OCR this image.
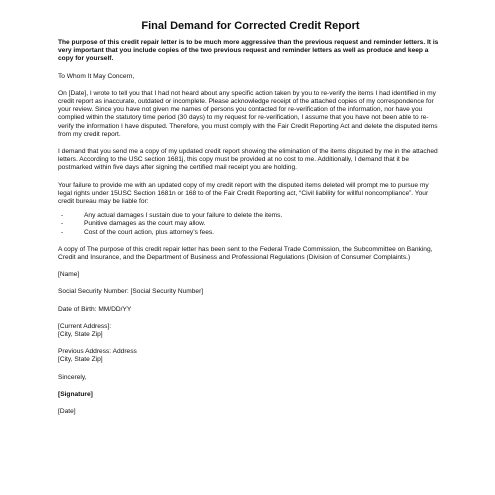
Final Demand for Corrected Credit Report

The purpose of this credit repair letter is to be much more aggressive than the previous request and reminder letters. It is very important that you include copies of the two previous request and reminder letters as well as produce and keep a copy for yourself.

To Whom It May Concern,

On [Date], I wrote to tell you that I had not heard about any specific action taken by you to re-verify the items I had identified in my credit report as inaccurate, outdated or incomplete. Please acknowledge receipt of the attached copies of my correspondence for your review. Since you have not given me names of persons you contacted for re-verification of the information, nor have you complied within the statutory time period (30 days) to my request for re-verification, I assume that you have not been able to re-verify the information I have disputed. Therefore, you must comply with the Fair Credit Reporting Act and delete the disputed items from my credit report.

I demand that you send me a copy of my updated credit report showing the elimination of the items disputed by me in the attached letters. According to the USC section 1681j, this copy must be provided at no cost to me. Additionally, I demand that it be postmarked within five days after signing the certified mail receipt you are holding.

Your failure to provide me with an updated copy of my credit report with the disputed items deleted will prompt me to pursue my legal rights under 15USC Section 1681n or 168 to of the Fair Credit Reporting act, “Civil liability for willful noncompliance”. Your credit bureau may be liable for:

-	Any actual damages I sustain due to your failure to delete the items.
-	Punitive damages as the court may allow.
-	Cost of the court action, plus attorney’s fees.

A copy of The purpose of this credit repair letter has been sent to the Federal Trade Commission, the Subcommittee on Banking, Credit and Insurance, and the Department of Business and Professional Regulations (Division of Consumer Complaints.)

[Name]
Social Security Number: [Social Security Number]
Date of Birth: MM/DD/YY
[Current Address]:
[City, State Zip]
Previous Address: Address
[City, State Zip]
Sincerely,
[Signature]
[Date]
